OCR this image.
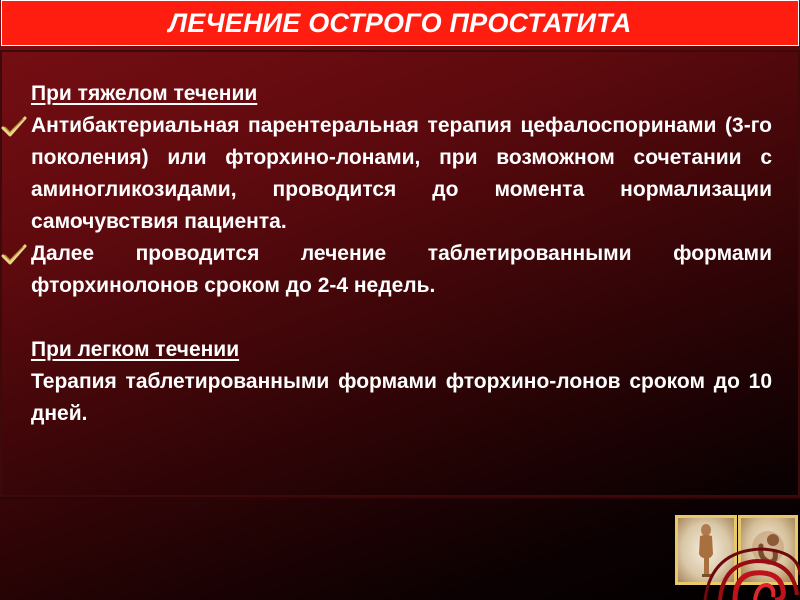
ЛЕЧЕНИЕ ОСТРОГО ПРОСТАТИТА
При тяжелом течении
Антибактериальная парентеральная терапия цефалоспоринами (3-го поколения) или фторхино-лонами, при возможном сочетании с аминогликозидами, проводится до момента нормализации самочувствия пациента.
Далее проводится лечение таблетированными формами фторхинолонов сроком до 2-4 недель.
При легком течении
Терапия таблетированными формами фторхино-лонов сроком до 10 дней.
